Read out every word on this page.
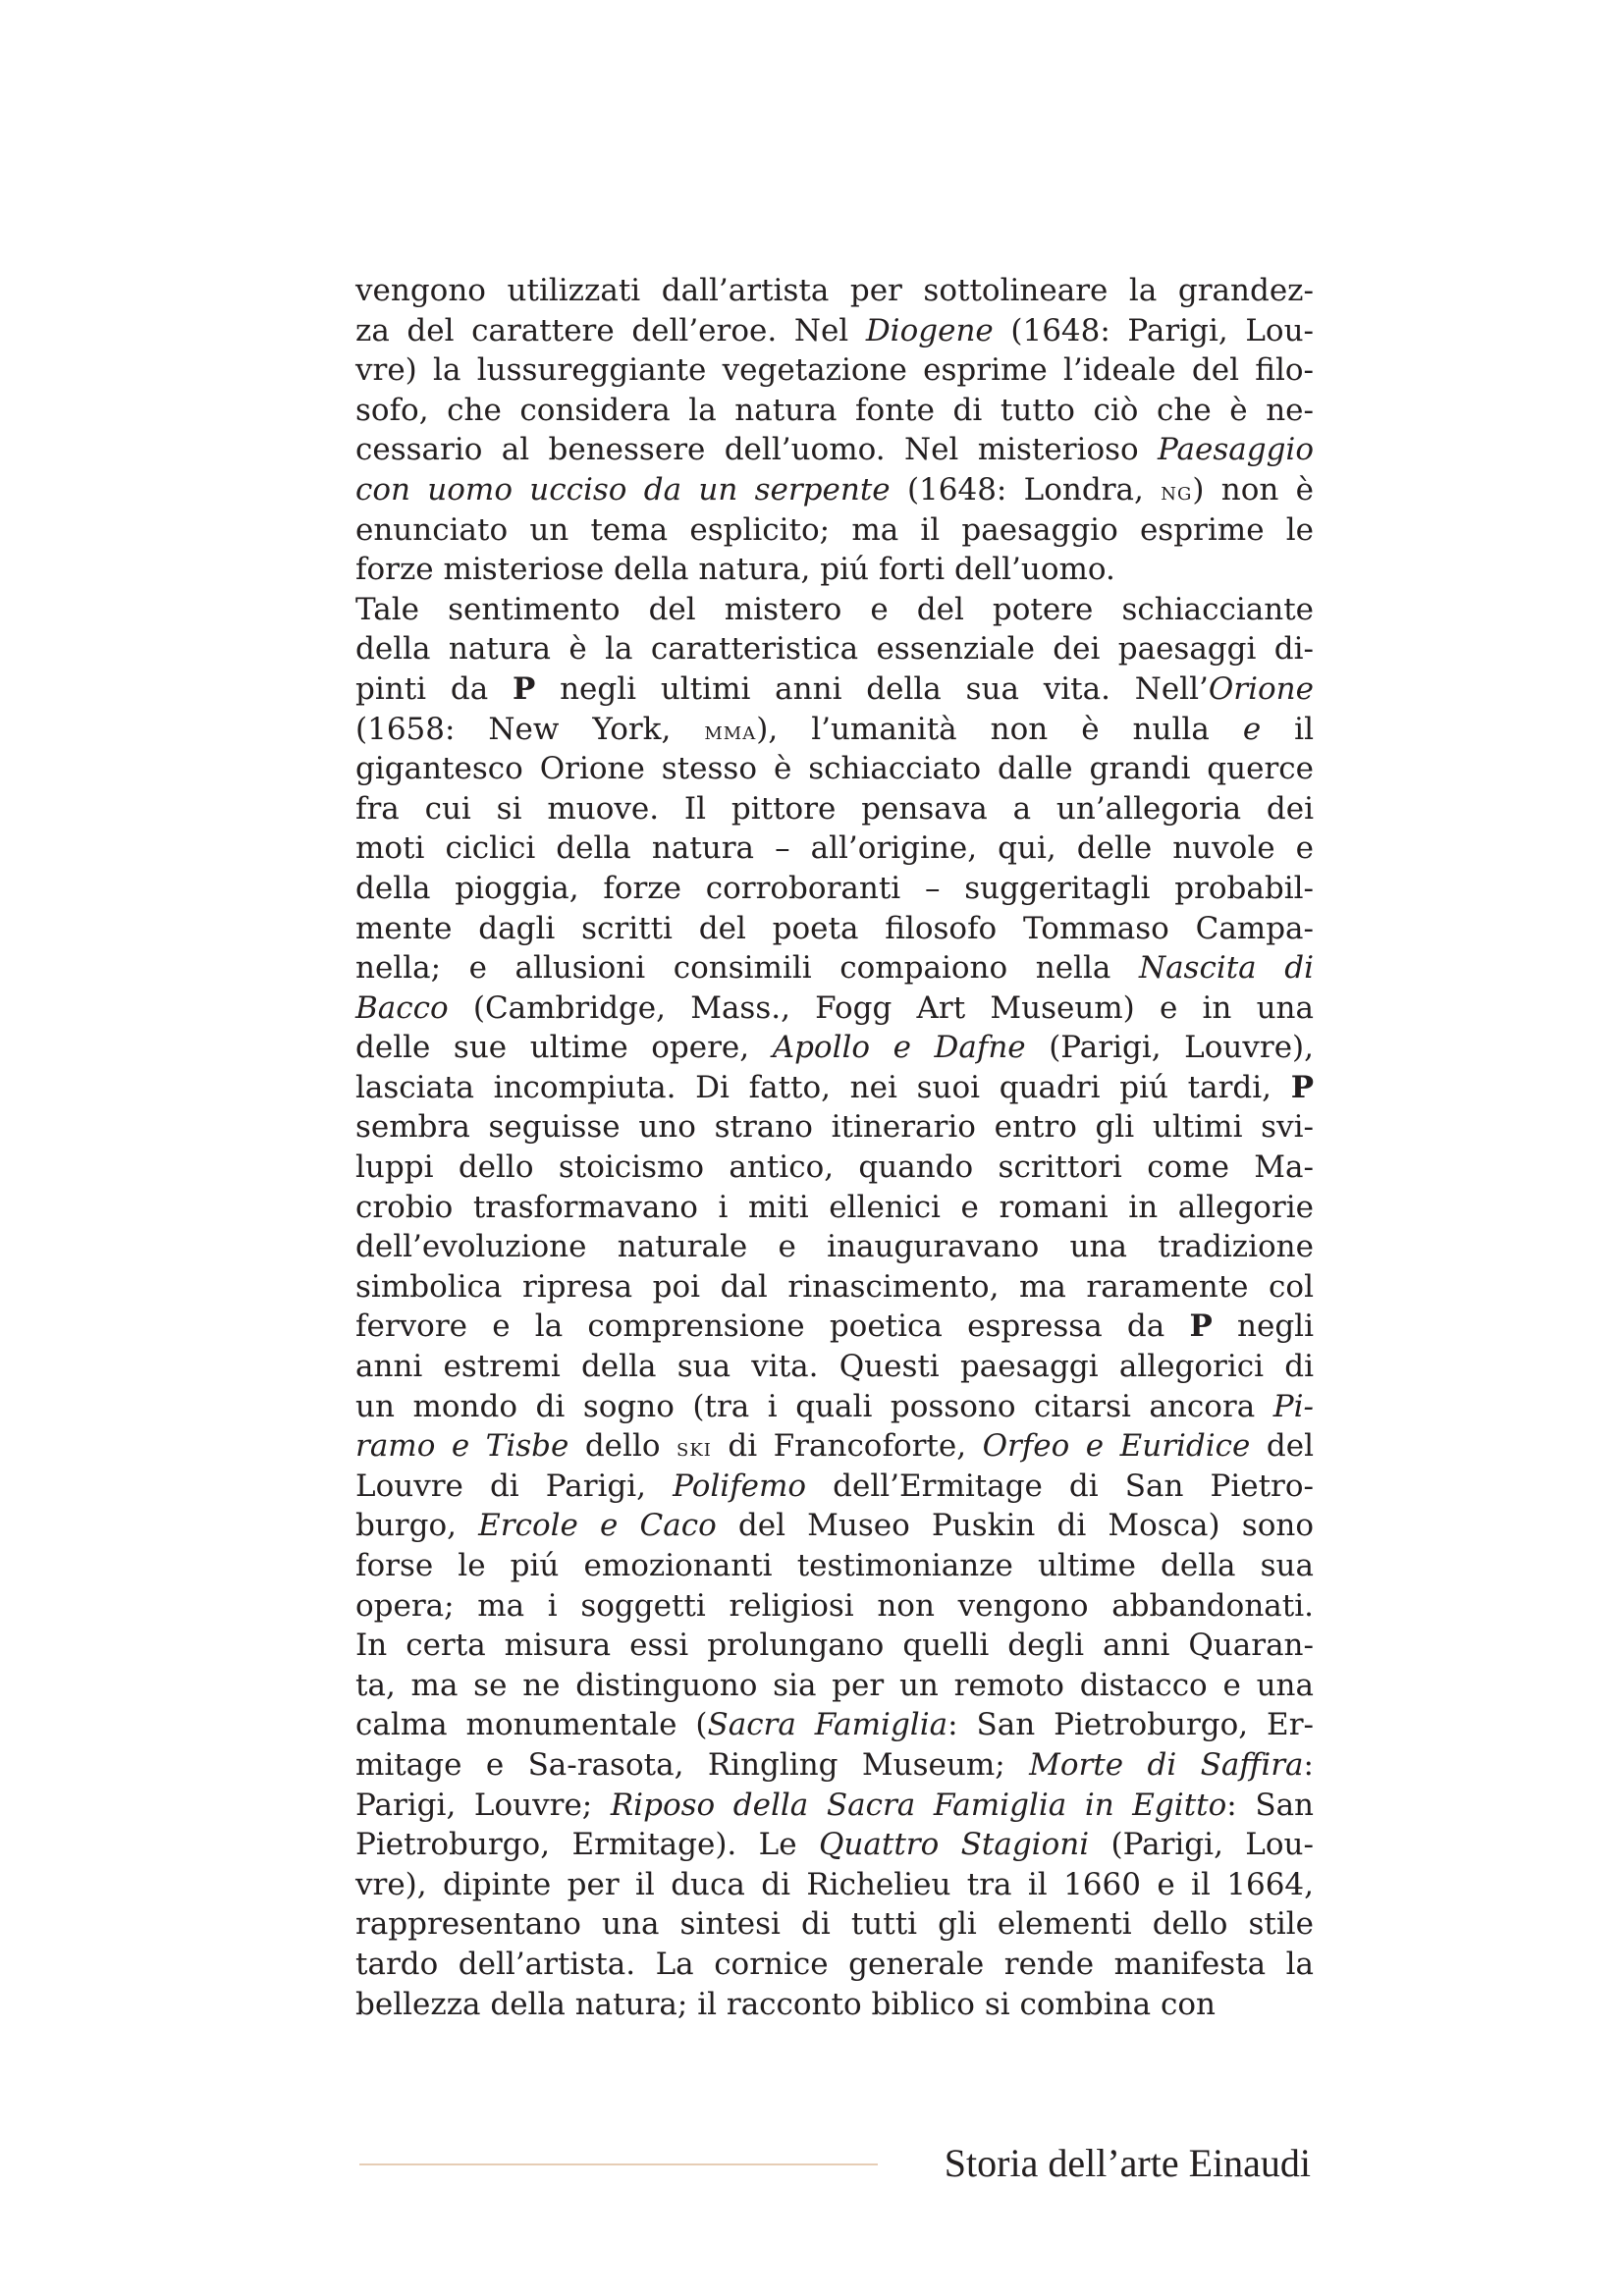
vengono utilizzati dall’artista per sottolineare la grandez-
za del carattere dell’eroe. Nel Diogene (1648: Parigi, Lou-
vre) la lussureggiante vegetazione esprime l’ideale del filo-
sofo, che considera la natura fonte di tutto ciò che è ne-
cessario al benessere dell’uomo. Nel misterioso Paesaggio
con uomo ucciso da un serpente (1648: Londra, ng) non è
enunciato un tema esplicito; ma il paesaggio esprime le
forze misteriose della natura, piú forti dell’uomo.
Tale sentimento del mistero e del potere schiacciante
della natura è la caratteristica essenziale dei paesaggi di-
pinti da P negli ultimi anni della sua vita. Nell’Orione
(1658: New York, mma), l’umanità non è nulla e il
gigantesco Orione stesso è schiacciato dalle grandi querce
fra cui si muove. Il pittore pensava a un’allegoria dei
moti ciclici della natura – all’origine, qui, delle nuvole e
della pioggia, forze corroboranti – suggeritagli probabil-
mente dagli scritti del poeta filosofo Tommaso Campa-
nella; e allusioni consimili compaiono nella Nascita di
Bacco (Cambridge, Mass., Fogg Art Museum) e in una
delle sue ultime opere, Apollo e Dafne (Parigi, Louvre),
lasciata incompiuta. Di fatto, nei suoi quadri piú tardi, P
sembra seguisse uno strano itinerario entro gli ultimi svi-
luppi dello stoicismo antico, quando scrittori come Ma-
crobio trasformavano i miti ellenici e romani in allegorie
dell’evoluzione naturale e inauguravano una tradizione
simbolica ripresa poi dal rinascimento, ma raramente col
fervore e la comprensione poetica espressa da P negli
anni estremi della sua vita. Questi paesaggi allegorici di
un mondo di sogno (tra i quali possono citarsi ancora Pi-
ramo e Tisbe dello ski di Francoforte, Orfeo e Euridice del
Louvre di Parigi, Polifemo dell’Ermitage di San Pietro-
burgo, Ercole e Caco del Museo Puskin di Mosca) sono
forse le piú emozionanti testimonianze ultime della sua
opera; ma i soggetti religiosi non vengono abbandonati.
In certa misura essi prolungano quelli degli anni Quaran-
ta, ma se ne distinguono sia per un remoto distacco e una
calma monumentale (Sacra Famiglia: San Pietroburgo, Er-
mitage e Sa-rasota, Ringling Museum; Morte di Saffira:
Parigi, Louvre; Riposo della Sacra Famiglia in Egitto: San
Pietroburgo, Ermitage). Le Quattro Stagioni (Parigi, Lou-
vre), dipinte per il duca di Richelieu tra il 1660 e il 1664,
rappresentano una sintesi di tutti gli elementi dello stile
tardo dell’artista. La cornice generale rende manifesta la
bellezza della natura; il racconto biblico si combina con
Storia dell’arte Einaudi
